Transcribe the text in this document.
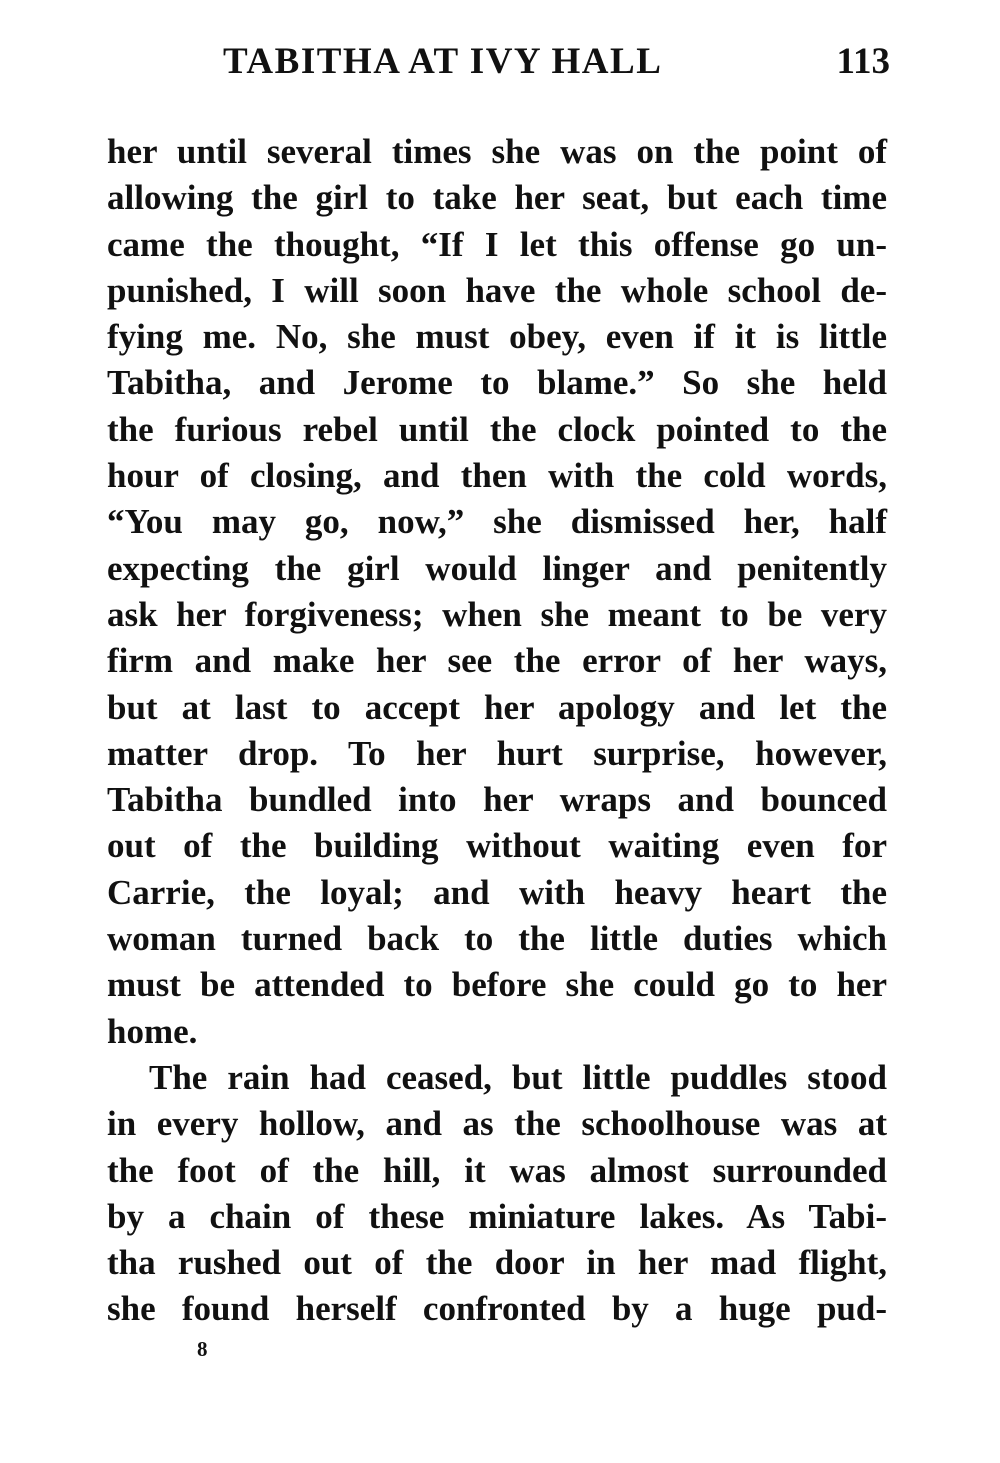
TABITHA AT IVY HALL	113
her until several times she was on the point of
allowing the girl to take her seat, but each time
came the thought, “If I let this offense go un-
punished, I will soon have the whole school de-
fying me. No, she must obey, even if it is little
Tabitha, and Jerome to blame.” So she held
the furious rebel until the clock pointed to the
hour of closing, and then with the cold words,
“You may go, now,” she dismissed her, half
expecting the girl would linger and penitently
ask her forgiveness; when she meant to be very
firm and make her see the error of her ways,
but at last to accept her apology and let the
matter drop. To her hurt surprise, however,
Tabitha bundled into her wraps and bounced
out of the building without waiting even for
Carrie, the loyal; and with heavy heart the
woman turned back to the little duties which
must be attended to before she could go to her
home.
The rain had ceased, but little puddles stood
in every hollow, and as the schoolhouse was at
the foot of the hill, it was almost surrounded
by a chain of these miniature lakes. As Tabi-
tha rushed out of the door in her mad flight,
she found herself confronted by a huge pud-
8
